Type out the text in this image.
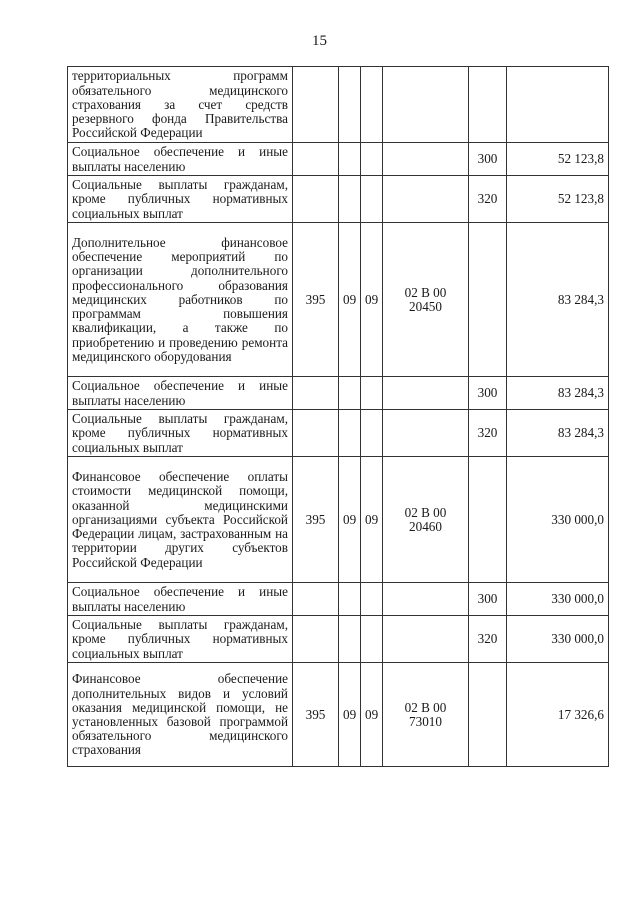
15
территориальных программ обязательного медицинского страхования за счет средств резервного фонда Правительства Российской Федерации						
Социальное обеспечение и иные выплаты населению					300	52 123,8
Социальные выплаты гражданам, кроме публичных нормативных социальных выплат					320	52 123,8
Дополнительное финансовое обеспечение мероприятий по организации дополнительного профессионального образования медицинских работников по программам повышения квалификации, а также по приобретению и проведению ремонта медицинского оборудования	395	09	09	02 В 00 20450		83 284,3
Социальное обеспечение и иные выплаты населению					300	83 284,3
Социальные выплаты гражданам, кроме публичных нормативных социальных выплат					320	83 284,3
Финансовое обеспечение оплаты стоимости медицинской помощи, оказанной медицинскими организациями субъекта Российской Федерации лицам, застрахованным на территории других субъектов Российской Федерации	395	09	09	02 В 00 20460		330 000,0
Социальное обеспечение и иные выплаты населению					300	330 000,0
Социальные выплаты гражданам, кроме публичных нормативных социальных выплат					320	330 000,0
Финансовое обеспечение дополнительных видов и условий оказания медицинской помощи, не установленных базовой программой обязательного медицинского страхования	395	09	09	02 В 00 73010		17 326,6
